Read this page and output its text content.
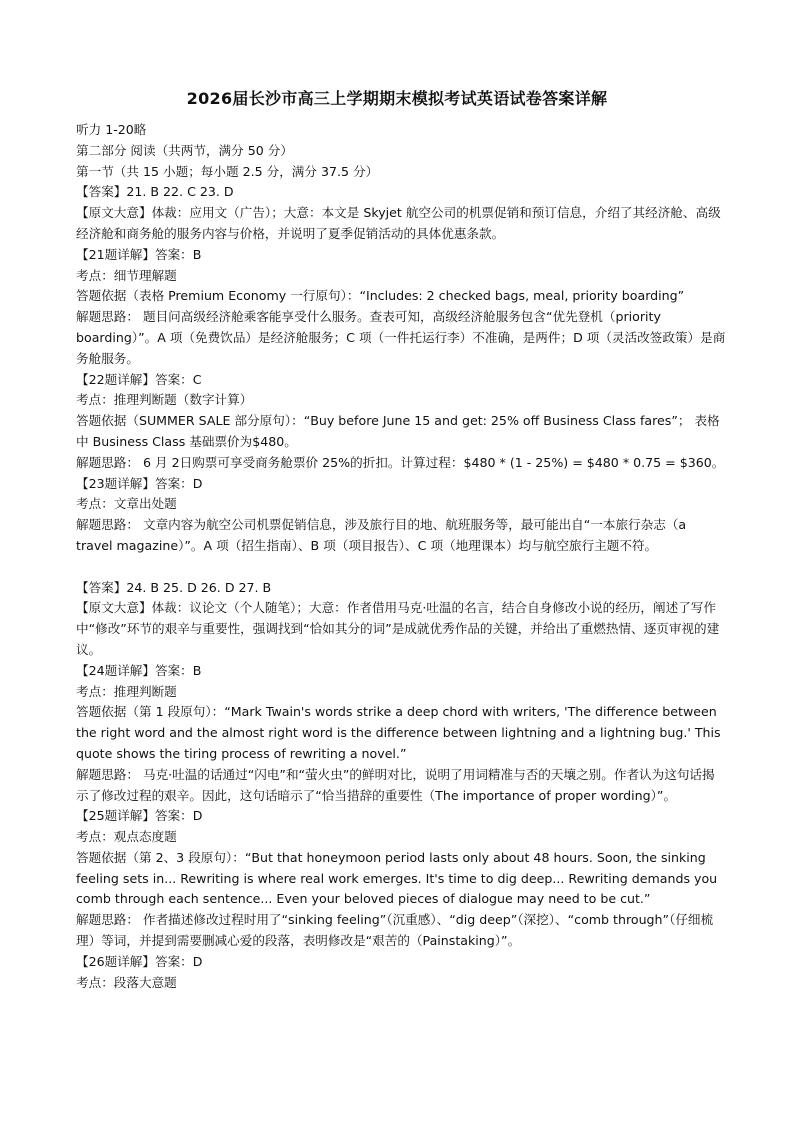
2026届长沙市高三上学期期末模拟考试英语试卷答案详解

听力 1-20略

第二部分 阅读（共两节，满分 50 分）

第一节（共 15 小题；每小题 2.5 分，满分 37.5 分）

【答案】21. B 22. C 23. D

【原文大意】体裁：应用文（广告）；大意：本文是 Skyjet 航空公司的机票促销和预订信息，介绍了其经济舱、高级经济舱和商务舱的服务内容与价格，并说明了夏季促销活动的具体优惠条款。

【21题详解】答案：B

考点：细节理解题

答题依据（表格 Premium Economy 一行原句）：“Includes: 2 checked bags, meal, priority boarding”

解题思路： 题目问高级经济舱乘客能享受什么服务。查表可知，高级经济舱服务包含“优先登机（priority boarding）”。A 项（免费饮品）是经济舱服务；C 项（一件托运行李）不准确，是两件；D 项（灵活改签政策）是商务舱服务。

【22题详解】答案：C

考点：推理判断题（数字计算）

答题依据（SUMMER SALE 部分原句）：“Buy before June 15 and get: 25% off Business Class fares”； 表格中 Business Class 基础票价为$480。

解题思路： 6 月 2日购票可享受商务舱票价 25%的折扣。计算过程：$480 * (1 - 25%) = $480 * 0.75 = $360。

【23题详解】答案：D

考点：文章出处题

解题思路： 文章内容为航空公司机票促销信息，涉及旅行目的地、航班服务等，最可能出自“一本旅行杂志（a travel magazine）”。A 项（招生指南）、B 项（项目报告）、C 项（地理课本）均与航空旅行主题不符。

【答案】24. B 25. D 26. D 27. B

【原文大意】体裁：议论文（个人随笔）；大意：作者借用马克·吐温的名言，结合自身修改小说的经历，阐述了写作中“修改”环节的艰辛与重要性，强调找到“恰如其分的词”是成就优秀作品的关键，并给出了重燃热情、逐页审视的建议。

【24题详解】答案：B

考点：推理判断题

答题依据（第 1 段原句）：“Mark Twain's words strike a deep chord with writers, 'The difference between the right word and the almost right word is the difference between lightning and a lightning bug.' This quote shows the tiring process of rewriting a novel.”

解题思路： 马克·吐温的话通过“闪电”和“萤火虫”的鲜明对比，说明了用词精准与否的天壤之别。作者认为这句话揭示了修改过程的艰辛。因此，这句话暗示了“恰当措辞的重要性（The importance of proper wording）”。

【25题详解】答案：D

考点：观点态度题

答题依据（第 2、3 段原句）：“But that honeymoon period lasts only about 48 hours. Soon, the sinking feeling sets in... Rewriting is where real work emerges. It's time to dig deep... Rewriting demands you comb through each sentence... Even your beloved pieces of dialogue may need to be cut.”

解题思路： 作者描述修改过程时用了“sinking feeling”（沉重感）、“dig deep”（深挖）、“comb through”（仔细梳理）等词，并提到需要删减心爱的段落，表明修改是“艰苦的（Painstaking）”。

【26题详解】答案：D

考点：段落大意题
